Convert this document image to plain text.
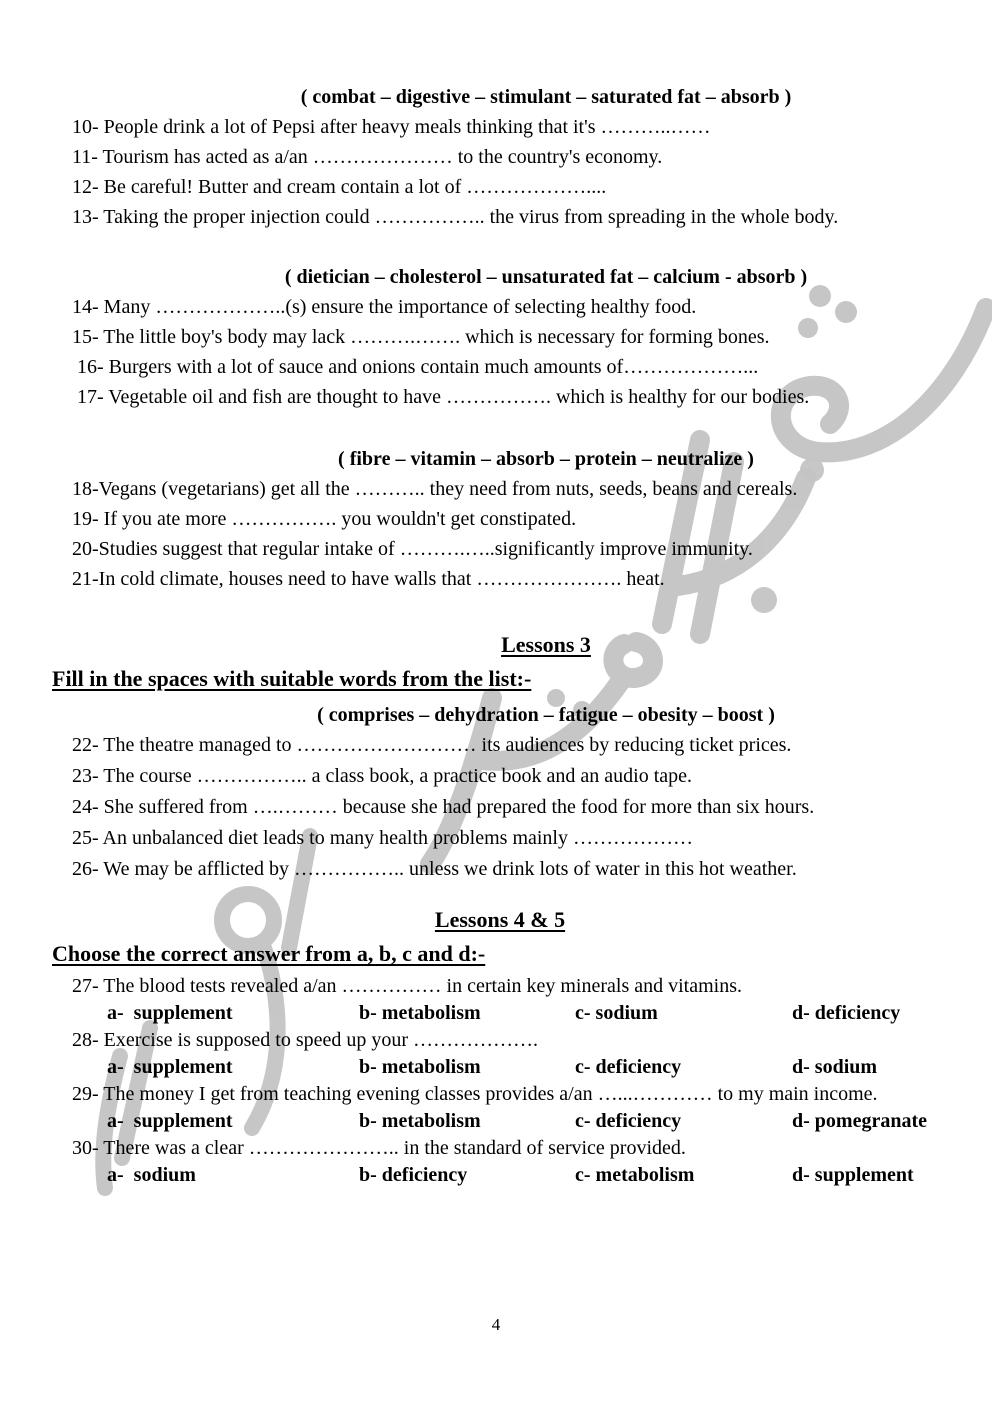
( combat – digestive – stimulant – saturated fat – absorb )
10- People drink a lot of Pepsi after heavy meals thinking that it's ………..……
11- Tourism has acted as a/an ………………… to the country's economy.
12- Be careful! Butter and cream contain a lot of ………………....
13- Taking the proper injection could …………….. the virus from spreading in the whole body.
( dietician – cholesterol – unsaturated fat – calcium - absorb )
14- Many ………………..(s) ensure the importance of selecting healthy food.
15- The little boy's body may lack ……….……. which is necessary for forming bones.
16- Burgers with a lot of sauce and onions contain much amounts of………………...
17- Vegetable oil and fish are thought to have ……………. which is healthy for our bodies.
( fibre – vitamin – absorb – protein – neutralize )
18-Vegans (vegetarians) get all the ……….. they need from nuts, seeds, beans and cereals.
19- If you ate more ……………. you wouldn't get constipated.
20-Studies suggest that regular intake of ……….…..significantly improve immunity.
21-In cold climate, houses need to have walls that …………………. heat.
Lessons 3
Fill in the spaces with suitable words from the list:-
( comprises – dehydration – fatigue – obesity – boost )
22- The theatre managed to ……………………… its audiences by reducing ticket prices.
23- The course …………….. a class book, a practice book and an audio tape.
24- She suffered from ….……… because she had prepared the food for more than six hours.
25- An unbalanced diet leads to many health problems mainly ………………
26- We may be afflicted by …………….. unless we drink lots of water in this hot weather.
Lessons 4 & 5
Choose the correct answer from a, b, c and d:-
27- The blood tests revealed a/an …………… in certain key minerals and vitamins.
a-  supplement	b- metabolism	c- sodium	d- deficiency
28- Exercise is supposed to speed up your ……………….
a-  supplement	b- metabolism	c- deficiency	d- sodium
29- The money I get from teaching evening classes provides a/an …...………… to my main income.
a-  supplement	b- metabolism	c- deficiency	d- pomegranate
30- There was a clear ………………….. in the standard of service provided.
a-  sodium	b- deficiency	c- metabolism	d- supplement
4
